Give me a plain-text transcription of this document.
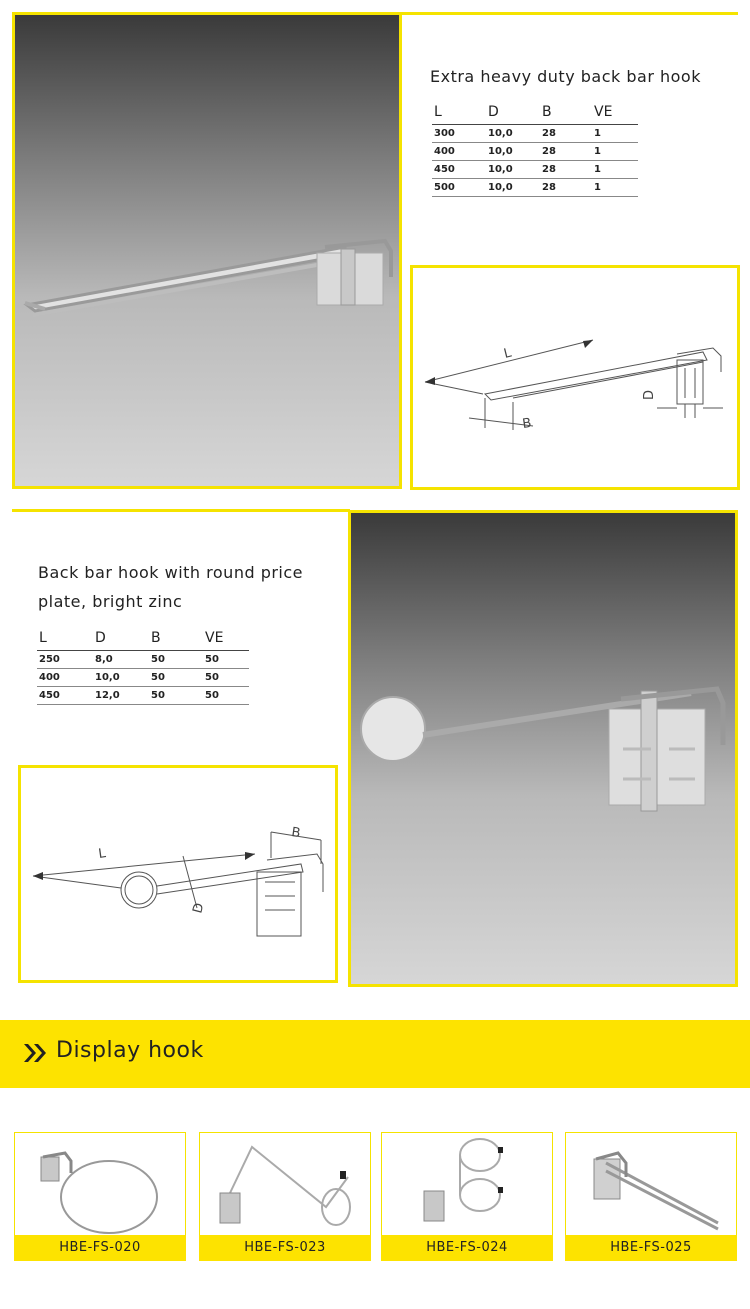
Extra heavy duty back bar hook
L	D	B	VE
300	10,0	28	1
400	10,0	28	1
450	10,0	28	1
500	10,0	28	1
L
B
D
Back bar hook with round price
plate, bright zinc
L	D	B	VE
250	8,0	50	50
400	10,0	50	50
450	12,0	50	50
L
B
D
Display hook
HBE-FS-020	HBE-FS-023	HBE-FS-024	HBE-FS-025
